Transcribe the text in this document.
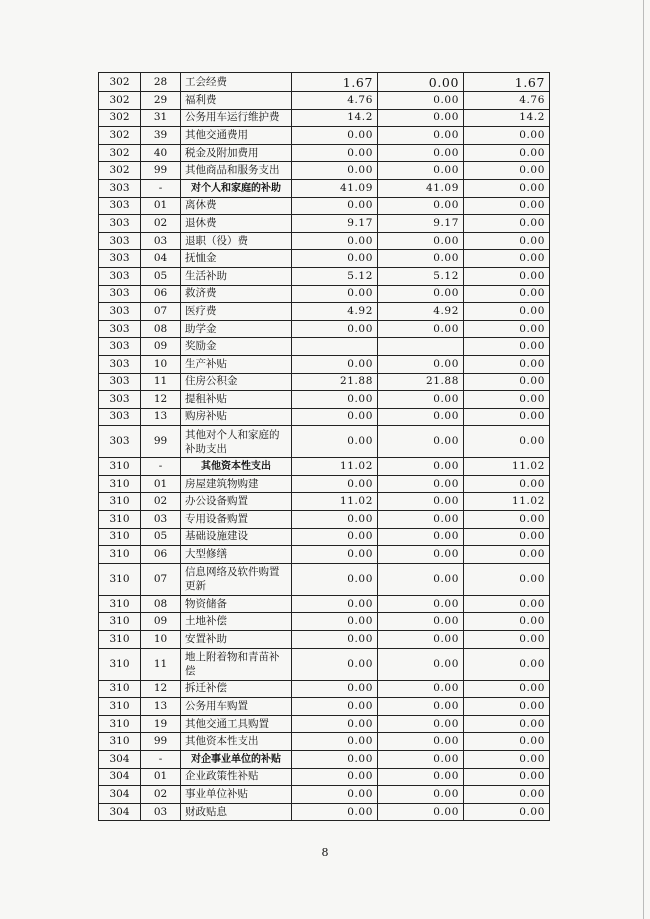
302	28	工会经费	1.67	0.00	1.67
302	29	福利费	4.76	0.00	4.76
302	31	公务用车运行维护费	14.2	0.00	14.2
302	39	其他交通费用	0.00	0.00	0.00
302	40	税金及附加费用	0.00	0.00	0.00
302	99	其他商品和服务支出	0.00	0.00	0.00
303	-	对个人和家庭的补助	41.09	41.09	0.00
303	01	离休费	0.00	0.00	0.00
303	02	退休费	9.17	9.17	0.00
303	03	退职（役）费	0.00	0.00	0.00
303	04	抚恤金	0.00	0.00	0.00
303	05	生活补助	5.12	5.12	0.00
303	06	救济费	0.00	0.00	0.00
303	07	医疗费	4.92	4.92	0.00
303	08	助学金	0.00	0.00	0.00
303	09	奖励金			0.00
303	10	生产补贴	0.00	0.00	0.00
303	11	住房公积金	21.88	21.88	0.00
303	12	提租补贴	0.00	0.00	0.00
303	13	购房补贴	0.00	0.00	0.00
303	99	其他对个人和家庭的补助支出	0.00	0.00	0.00
310	-	其他资本性支出	11.02	0.00	11.02
310	01	房屋建筑物购建	0.00	0.00	0.00
310	02	办公设备购置	11.02	0.00	11.02
310	03	专用设备购置	0.00	0.00	0.00
310	05	基础设施建设	0.00	0.00	0.00
310	06	大型修缮	0.00	0.00	0.00
310	07	信息网络及软件购置更新	0.00	0.00	0.00
310	08	物资储备	0.00	0.00	0.00
310	09	土地补偿	0.00	0.00	0.00
310	10	安置补助	0.00	0.00	0.00
310	11	地上附着物和青苗补偿	0.00	0.00	0.00
310	12	拆迁补偿	0.00	0.00	0.00
310	13	公务用车购置	0.00	0.00	0.00
310	19	其他交通工具购置	0.00	0.00	0.00
310	99	其他资本性支出	0.00	0.00	0.00
304	-	对企事业单位的补贴	0.00	0.00	0.00
304	01	企业政策性补贴	0.00	0.00	0.00
304	02	事业单位补贴	0.00	0.00	0.00
304	03	财政贴息	0.00	0.00	0.00
8
